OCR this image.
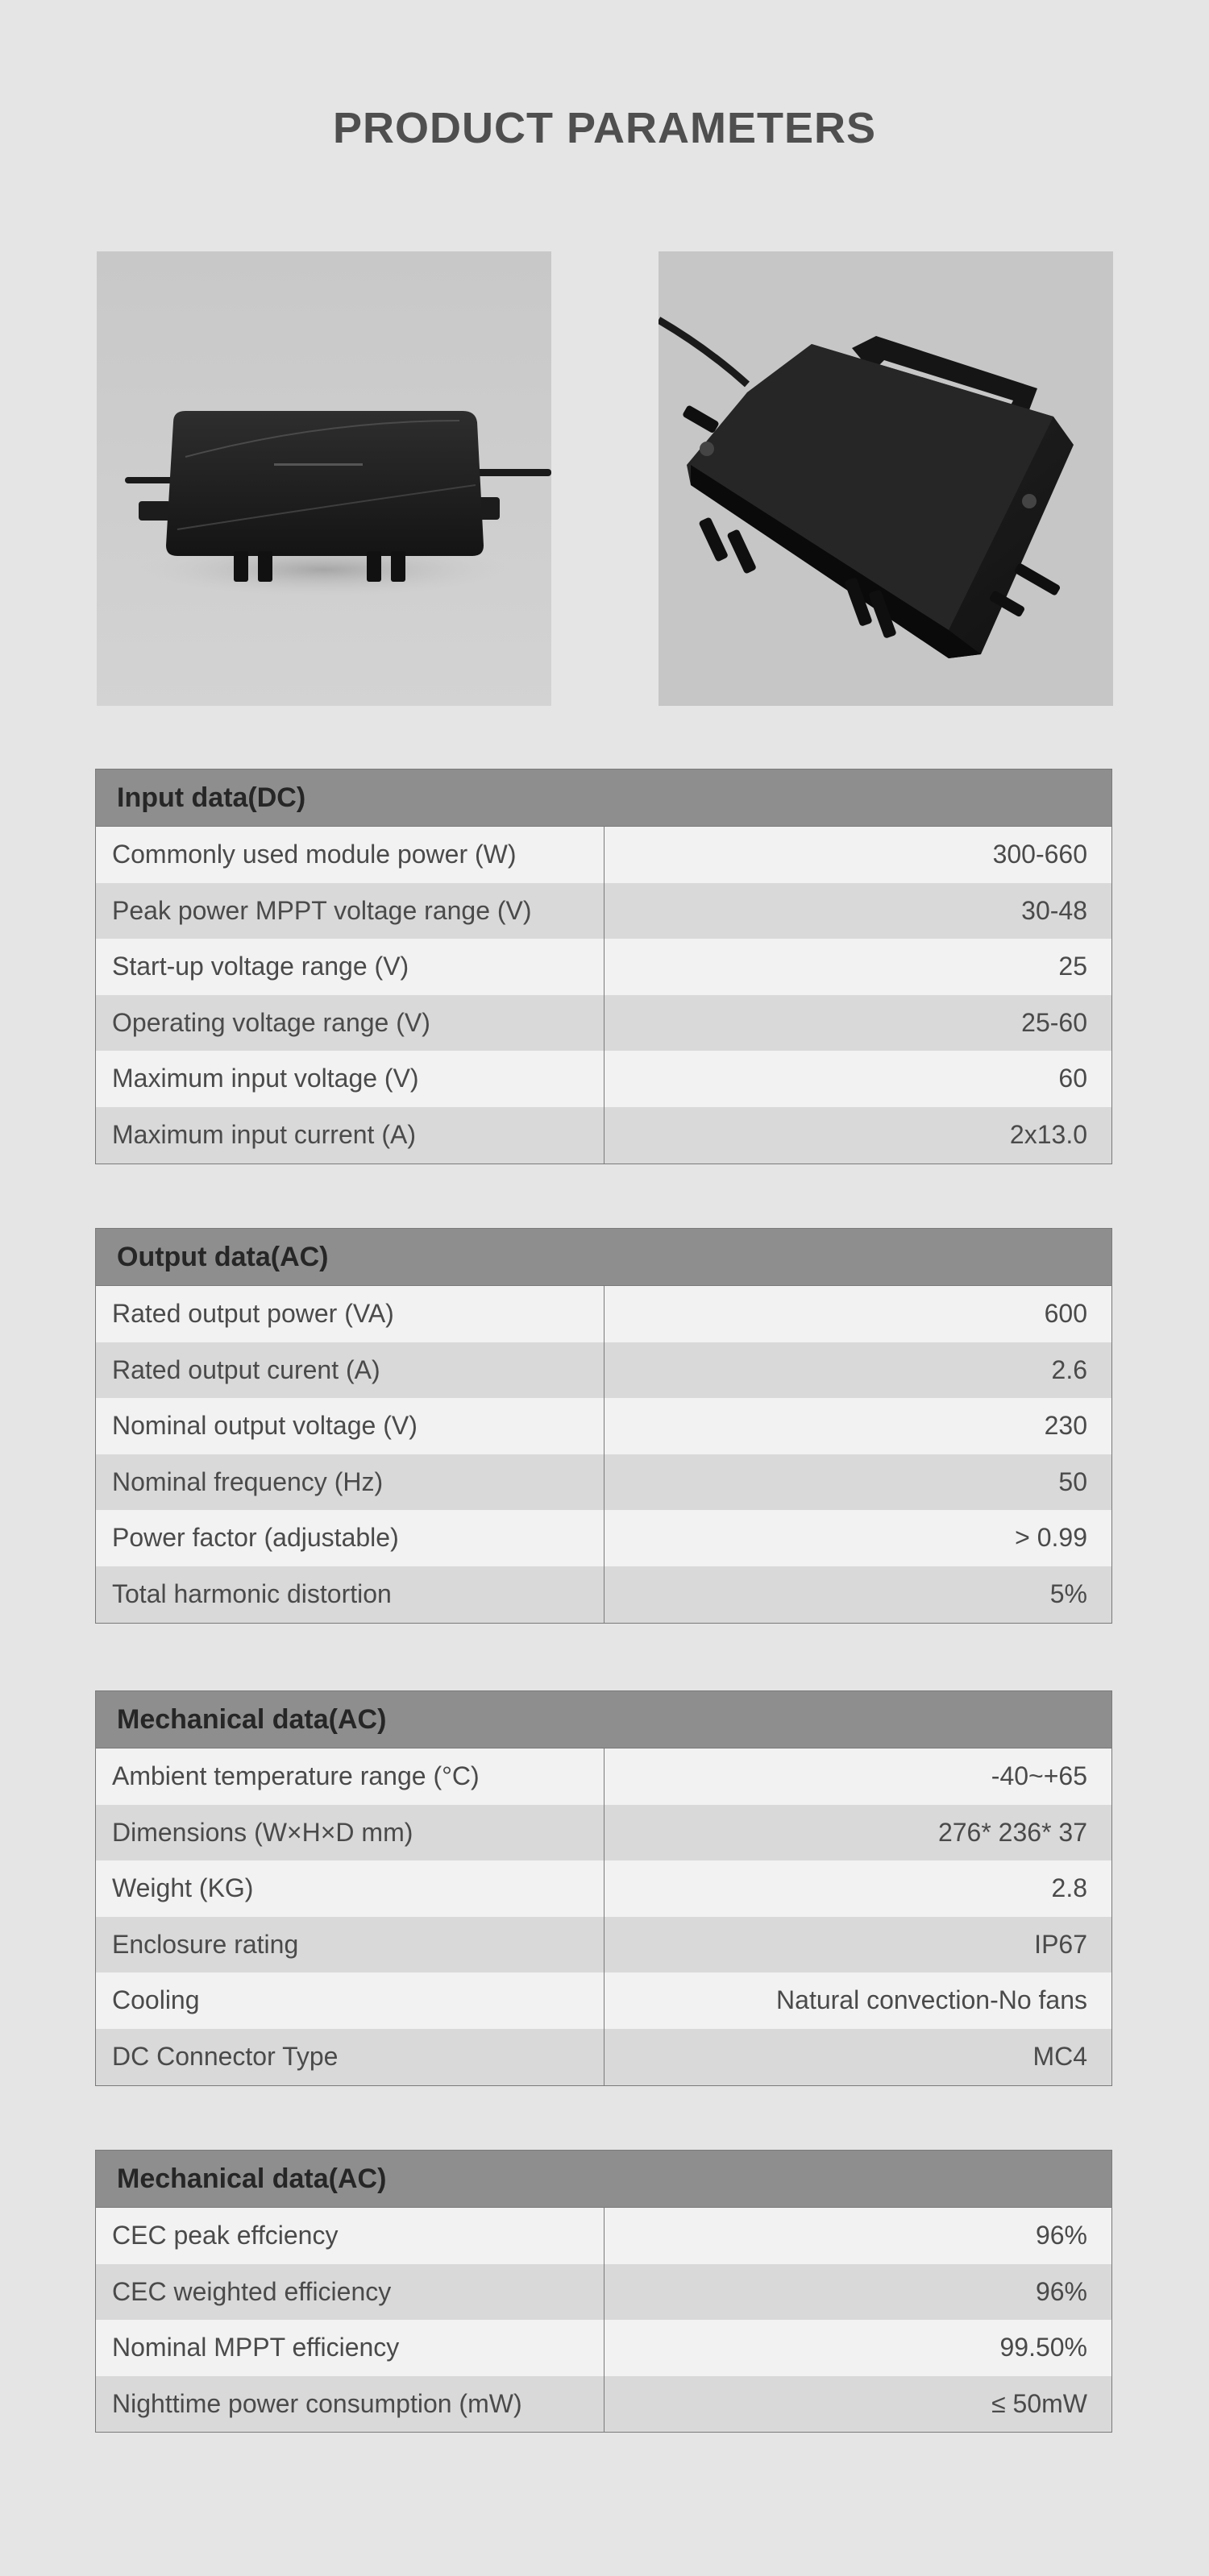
PRODUCT PARAMETERS
Input data(DC)
Commonly used module power (W)	300-660
Peak power MPPT voltage range (V)	30-48
Start-up voltage range (V)	25
Operating voltage range (V)	25-60
Maximum input voltage (V)	60
Maximum input current (A)	2x13.0
Output data(AC)
Rated output power (VA)	600
Rated output curent (A)	2.6
Nominal output voltage (V)	230
Nominal frequency (Hz)	50
Power factor (adjustable)	> 0.99
Total harmonic distortion	5%
Mechanical data(AC)
Ambient temperature range (°C)	-40~+65
Dimensions (W×H×D mm)	276* 236* 37
Weight (KG)	2.8
Enclosure rating	IP67
Cooling	Natural convection-No fans
DC Connector Type	MC4
Mechanical data(AC)
CEC peak effciency	96%
CEC weighted efficiency	96%
Nominal MPPT efficiency	99.50%
Nighttime power consumption (mW)	≤ 50mW
